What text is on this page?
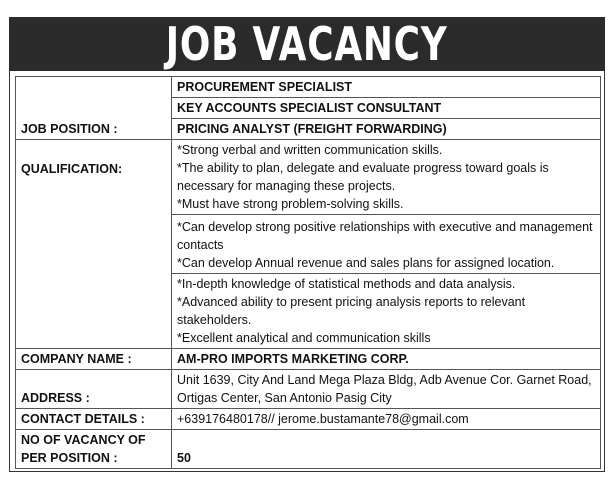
JOB VACANCY
JOB POSITION :	PROCUREMENT SPECIALIST
	KEY ACCOUNTS SPECIALIST CONSULTANT
	PRICING ANALYST (FREIGHT FORWARDING)
QUALIFICATION:	*Strong verbal and written communication skills.
*The ability to plan, delegate and evaluate progress toward goals is necessary for managing these projects.
*Must have strong problem-solving skills.

	*Can develop strong positive relationships with executive and management contacts
*Can develop Annual revenue and sales plans for assigned location.

	*In-depth knowledge of statistical methods and data analysis.
*Advanced ability to present pricing analysis reports to relevant stakeholders.
*Excellent analytical and communication skills

COMPANY NAME :	AM-PRO IMPORTS MARKETING CORP.
ADDRESS :	Unit 1639, City And Land Mega Plaza Bldg, Adb Avenue Cor. Garnet Road, Ortigas Center, San Antonio Pasig City
CONTACT DETAILS :	+639176480178// jerome.bustamante78@gmail.com
NO OF VACANCY OF PER POSITION :	50
